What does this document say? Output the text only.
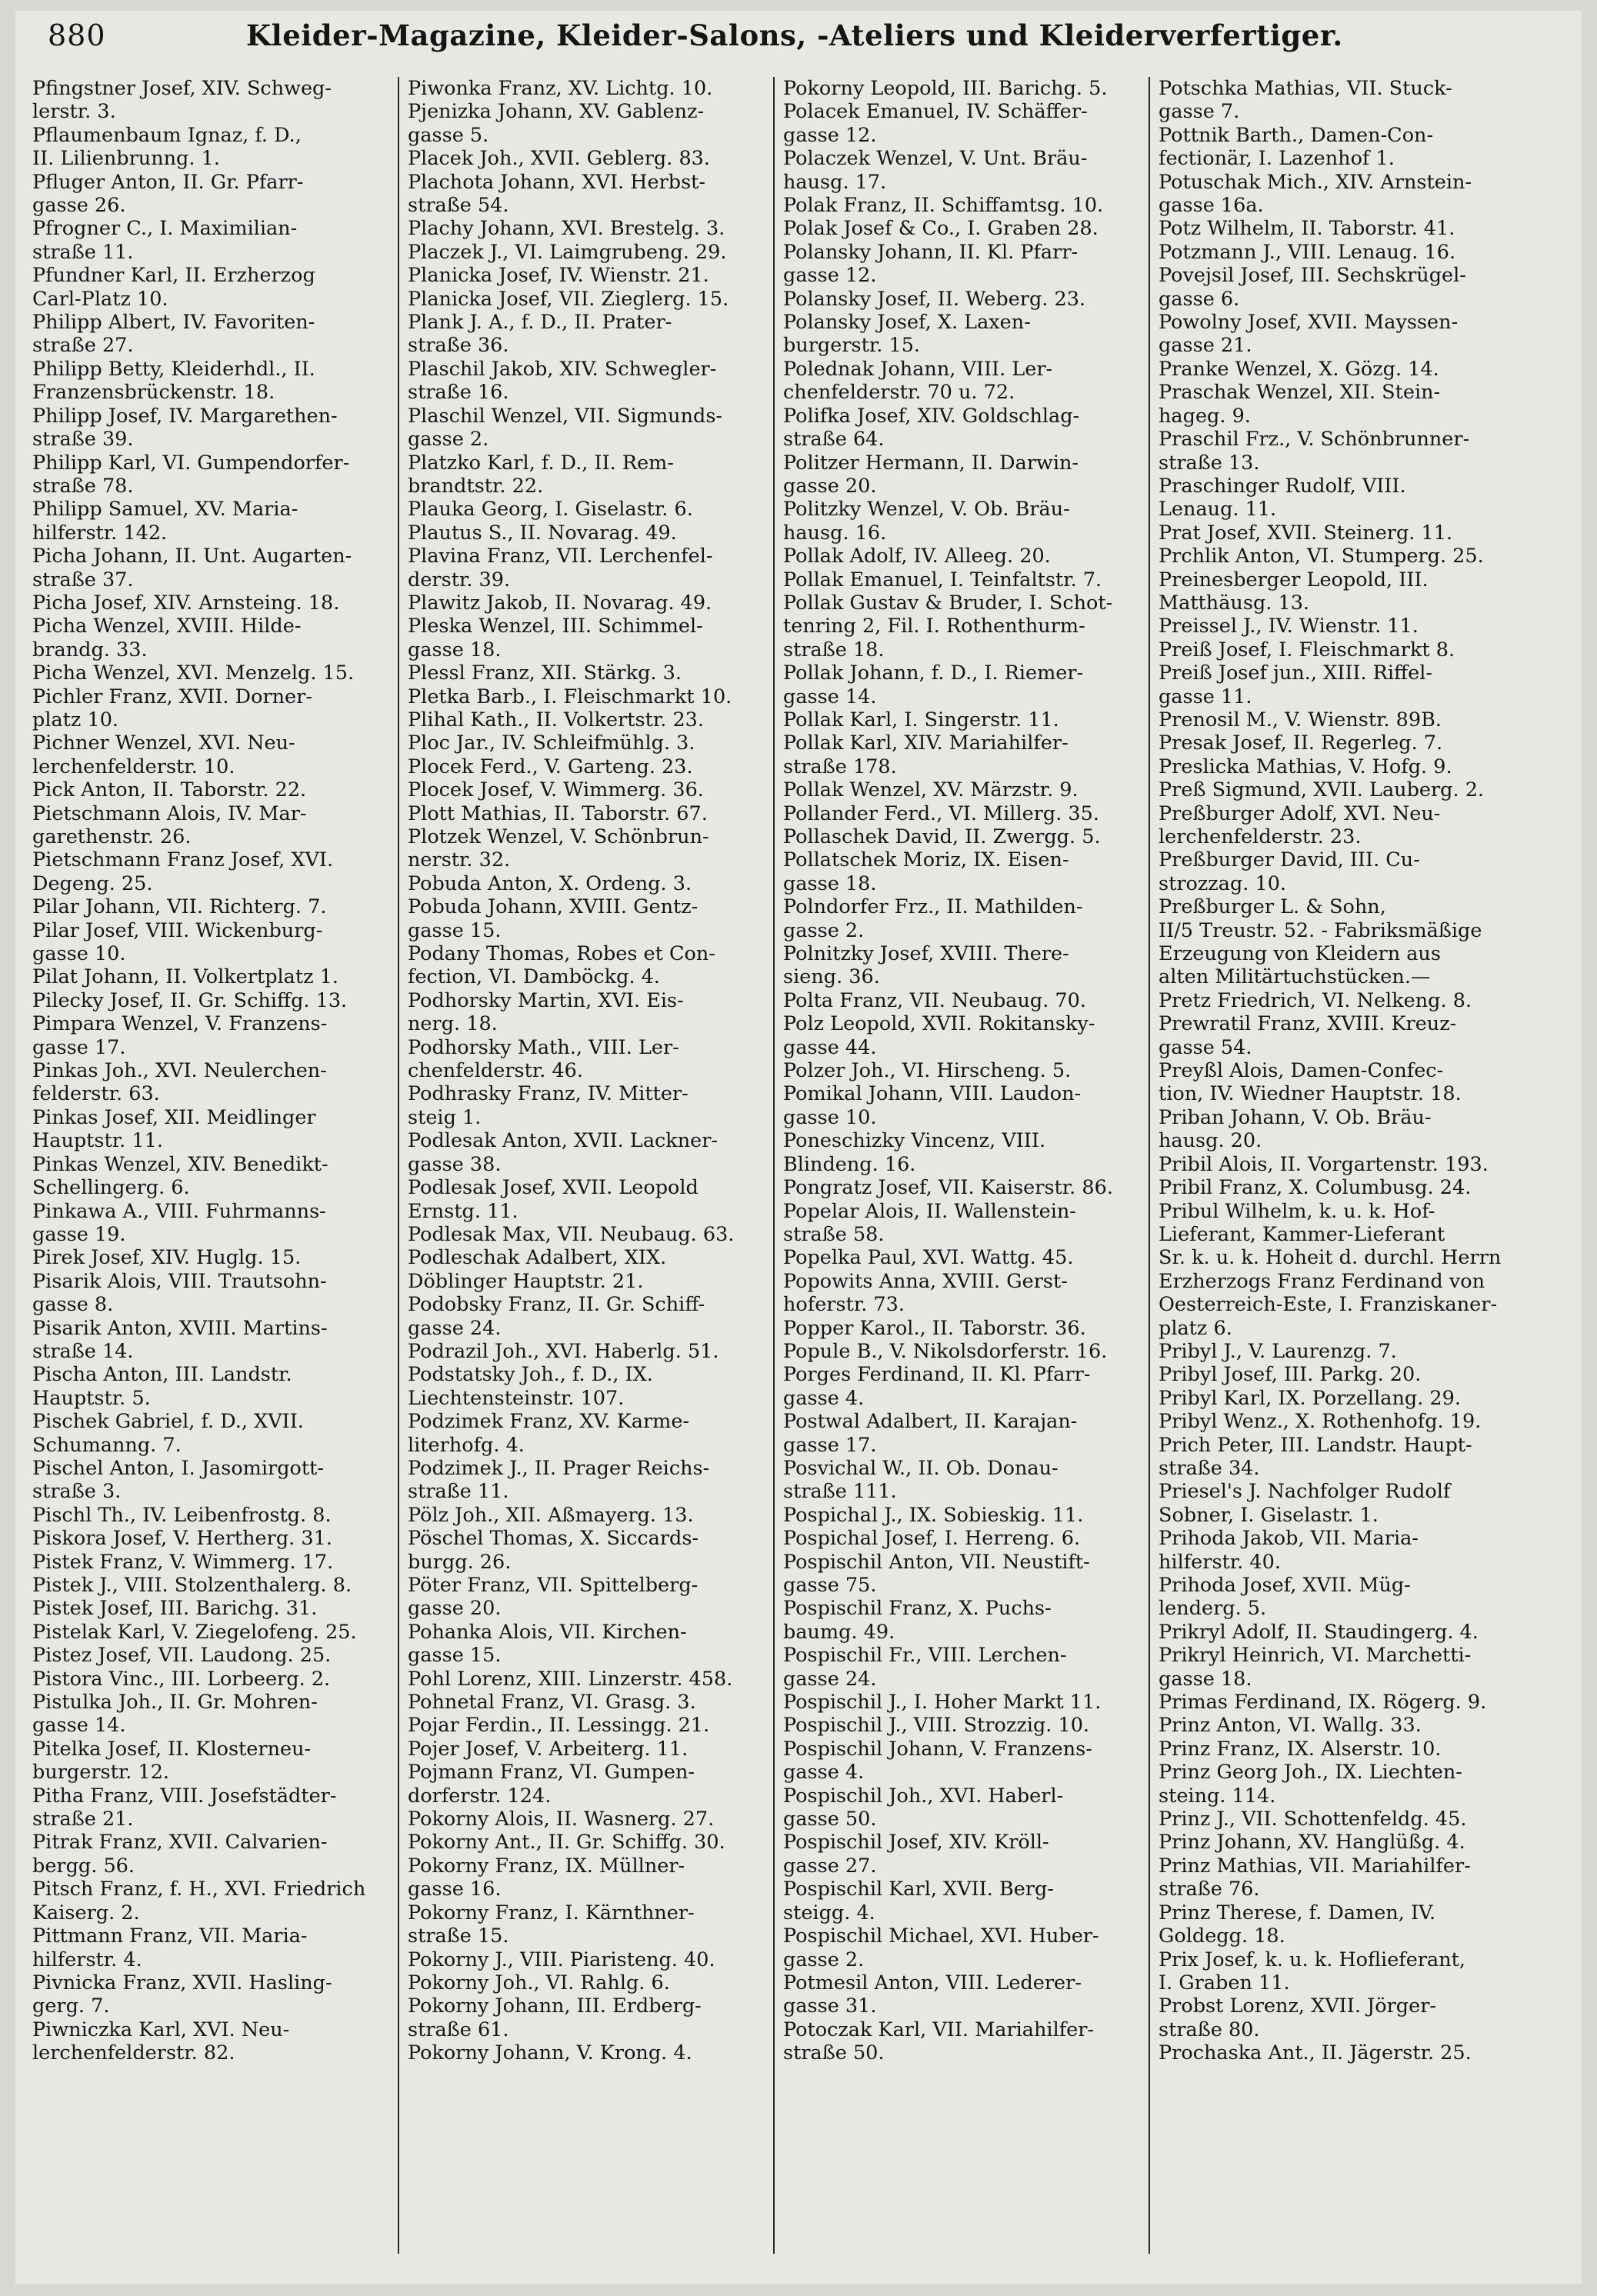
880	Kleider-Magazine, Kleider-Salons, -Ateliers und Kleiderverfertiger.
Pfingstner Josef, XIV. Schweg-
lerstr. 3.
Pflaumenbaum Ignaz, f. D.,
II. Lilienbrunng. 1.
Pfluger Anton, II. Gr. Pfarr-
gasse 26.
Pfrogner C., I. Maximilian-
straße 11.
Pfundner Karl, II. Erzherzog
Carl-Platz 10.
Philipp Albert, IV. Favoriten-
straße 27.
Philipp Betty, Kleiderhdl., II.
Franzensbrückenstr. 18.
Philipp Josef, IV. Margarethen-
straße 39.
Philipp Karl, VI. Gumpendorfer-
straße 78.
Philipp Samuel, XV. Maria-
hilferstr. 142.
Picha Johann, II. Unt. Augarten-
straße 37.
Picha Josef, XIV. Arnsteing. 18.
Picha Wenzel, XVIII. Hilde-
brandg. 33.
Picha Wenzel, XVI. Menzelg. 15.
Pichler Franz, XVII. Dorner-
platz 10.
Pichner Wenzel, XVI. Neu-
lerchenfelderstr. 10.
Pick Anton, II. Taborstr. 22.
Pietschmann Alois, IV. Mar-
garethenstr. 26.
Pietschmann Franz Josef, XVI.
Degeng. 25.
Pilar Johann, VII. Richterg. 7.
Pilar Josef, VIII. Wickenburg-
gasse 10.
Pilat Johann, II. Volkertplatz 1.
Pilecky Josef, II. Gr. Schiffg. 13.
Pimpara Wenzel, V. Franzens-
gasse 17.
Pinkas Joh., XVI. Neulerchen-
felderstr. 63.
Pinkas Josef, XII. Meidlinger
Hauptstr. 11.
Pinkas Wenzel, XIV. Benedikt-
Schellingerg. 6.
Pinkawa A., VIII. Fuhrmanns-
gasse 19.
Pirek Josef, XIV. Huglg. 15.
Pisarik Alois, VIII. Trautsohn-
gasse 8.
Pisarik Anton, XVIII. Martins-
straße 14.
Pischa Anton, III. Landstr.
Hauptstr. 5.
Pischek Gabriel, f. D., XVII.
Schumanng. 7.
Pischel Anton, I. Jasomirgott-
straße 3.
Pischl Th., IV. Leibenfrostg. 8.
Piskora Josef, V. Hertherg. 31.
Pistek Franz, V. Wimmerg. 17.
Pistek J., VIII. Stolzenthalerg. 8.
Pistek Josef, III. Barichg. 31.
Pistelak Karl, V. Ziegelofeng. 25.
Pistez Josef, VII. Laudong. 25.
Pistora Vinc., III. Lorbeerg. 2.
Pistulka Joh., II. Gr. Mohren-
gasse 14.
Pitelka Josef, II. Klosterneu-
burgerstr. 12.
Pitha Franz, VIII. Josefstädter-
straße 21.
Pitrak Franz, XVII. Calvarien-
bergg. 56.
Pitsch Franz, f. H., XVI. Friedrich
Kaiserg. 2.
Pittmann Franz, VII. Maria-
hilferstr. 4.
Pivnicka Franz, XVII. Hasling-
gerg. 7.
Piwniczka Karl, XVI. Neu-
lerchenfelderstr. 82.
Piwonka Franz, XV. Lichtg. 10.
Pjenizka Johann, XV. Gablenz-
gasse 5.
Placek Joh., XVII. Geblerg. 83.
Plachota Johann, XVI. Herbst-
straße 54.
Plachy Johann, XVI. Brestelg. 3.
Placzek J., VI. Laimgrubeng. 29.
Planicka Josef, IV. Wienstr. 21.
Planicka Josef, VII. Zieglerg. 15.
Plank J. A., f. D., II. Prater-
straße 36.
Plaschil Jakob, XIV. Schwegler-
straße 16.
Plaschil Wenzel, VII. Sigmunds-
gasse 2.
Platzko Karl, f. D., II. Rem-
brandtstr. 22.
Plauka Georg, I. Giselastr. 6.
Plautus S., II. Novarag. 49.
Plavina Franz, VII. Lerchenfel-
derstr. 39.
Plawitz Jakob, II. Novarag. 49.
Pleska Wenzel, III. Schimmel-
gasse 18.
Plessl Franz, XII. Stärkg. 3.
Pletka Barb., I. Fleischmarkt 10.
Plihal Kath., II. Volkertstr. 23.
Ploc Jar., IV. Schleifmühlg. 3.
Plocek Ferd., V. Garteng. 23.
Plocek Josef, V. Wimmerg. 36.
Plott Mathias, II. Taborstr. 67.
Plotzek Wenzel, V. Schönbrun-
nerstr. 32.
Pobuda Anton, X. Ordeng. 3.
Pobuda Johann, XVIII. Gentz-
gasse 15.
Podany Thomas, Robes et Con-
fection, VI. Damböckg. 4.
Podhorsky Martin, XVI. Eis-
nerg. 18.
Podhorsky Math., VIII. Ler-
chenfelderstr. 46.
Podhrasky Franz, IV. Mitter-
steig 1.
Podlesak Anton, XVII. Lackner-
gasse 38.
Podlesak Josef, XVII. Leopold
Ernstg. 11.
Podlesak Max, VII. Neubaug. 63.
Podleschak Adalbert, XIX.
Döblinger Hauptstr. 21.
Podobsky Franz, II. Gr. Schiff-
gasse 24.
Podrazil Joh., XVI. Haberlg. 51.
Podstatsky Joh., f. D., IX.
Liechtensteinstr. 107.
Podzimek Franz, XV. Karme-
literhofg. 4.
Podzimek J., II. Prager Reichs-
straße 11.
Pölz Joh., XII. Aßmayerg. 13.
Pöschel Thomas, X. Siccards-
burgg. 26.
Pöter Franz, VII. Spittelberg-
gasse 20.
Pohanka Alois, VII. Kirchen-
gasse 15.
Pohl Lorenz, XIII. Linzerstr. 458.
Pohnetal Franz, VI. Grasg. 3.
Pojar Ferdin., II. Lessingg. 21.
Pojer Josef, V. Arbeiterg. 11.
Pojmann Franz, VI. Gumpen-
dorferstr. 124.
Pokorny Alois, II. Wasnerg. 27.
Pokorny Ant., II. Gr. Schiffg. 30.
Pokorny Franz, IX. Müllner-
gasse 16.
Pokorny Franz, I. Kärnthner-
straße 15.
Pokorny J., VIII. Piaristeng. 40.
Pokorny Joh., VI. Rahlg. 6.
Pokorny Johann, III. Erdberg-
straße 61.
Pokorny Johann, V. Krong. 4.
Pokorny Leopold, III. Barichg. 5.
Polacek Emanuel, IV. Schäffer-
gasse 12.
Polaczek Wenzel, V. Unt. Bräu-
hausg. 17.
Polak Franz, II. Schiffamtsg. 10.
Polak Josef & Co., I. Graben 28.
Polansky Johann, II. Kl. Pfarr-
gasse 12.
Polansky Josef, II. Weberg. 23.
Polansky Josef, X. Laxen-
burgerstr. 15.
Polednak Johann, VIII. Ler-
chenfelderstr. 70 u. 72.
Polifka Josef, XIV. Goldschlag-
straße 64.
Politzer Hermann, II. Darwin-
gasse 20.
Politzky Wenzel, V. Ob. Bräu-
hausg. 16.
Pollak Adolf, IV. Alleeg. 20.
Pollak Emanuel, I. Teinfaltstr. 7.
Pollak Gustav & Bruder, I. Schot-
tenring 2, Fil. I. Rothenthurm-
straße 18.
Pollak Johann, f. D., I. Riemer-
gasse 14.
Pollak Karl, I. Singerstr. 11.
Pollak Karl, XIV. Mariahilfer-
straße 178.
Pollak Wenzel, XV. Märzstr. 9.
Pollander Ferd., VI. Millerg. 35.
Pollaschek David, II. Zwergg. 5.
Pollatschek Moriz, IX. Eisen-
gasse 18.
Polndorfer Frz., II. Mathilden-
gasse 2.
Polnitzky Josef, XVIII. There-
sieng. 36.
Polta Franz, VII. Neubaug. 70.
Polz Leopold, XVII. Rokitansky-
gasse 44.
Polzer Joh., VI. Hirscheng. 5.
Pomikal Johann, VIII. Laudon-
gasse 10.
Poneschizky Vincenz, VIII.
Blindeng. 16.
Pongratz Josef, VII. Kaiserstr. 86.
Popelar Alois, II. Wallenstein-
straße 58.
Popelka Paul, XVI. Wattg. 45.
Popowits Anna, XVIII. Gerst-
hoferstr. 73.
Popper Karol., II. Taborstr. 36.
Popule B., V. Nikolsdorferstr. 16.
Porges Ferdinand, II. Kl. Pfarr-
gasse 4.
Postwal Adalbert, II. Karajan-
gasse 17.
Posvichal W., II. Ob. Donau-
straße 111.
Pospichal J., IX. Sobieskig. 11.
Pospichal Josef, I. Herreng. 6.
Pospischil Anton, VII. Neustift-
gasse 75.
Pospischil Franz, X. Puchs-
baumg. 49.
Pospischil Fr., VIII. Lerchen-
gasse 24.
Pospischil J., I. Hoher Markt 11.
Pospischil J., VIII. Strozzig. 10.
Pospischil Johann, V. Franzens-
gasse 4.
Pospischil Joh., XVI. Haberl-
gasse 50.
Pospischil Josef, XIV. Kröll-
gasse 27.
Pospischil Karl, XVII. Berg-
steigg. 4.
Pospischil Michael, XVI. Huber-
gasse 2.
Potmesil Anton, VIII. Lederer-
gasse 31.
Potoczak Karl, VII. Mariahilfer-
straße 50.
Potschka Mathias, VII. Stuck-
gasse 7.
Pottnik Barth., Damen-Con-
fectionär, I. Lazenhof 1.
Potuschak Mich., XIV. Arnstein-
gasse 16a.
Potz Wilhelm, II. Taborstr. 41.
Potzmann J., VIII. Lenaug. 16.
Povejsil Josef, III. Sechskrügel-
gasse 6.
Powolny Josef, XVII. Mayssen-
gasse 21.
Pranke Wenzel, X. Gözg. 14.
Praschak Wenzel, XII. Stein-
hageg. 9.
Praschil Frz., V. Schönbrunner-
straße 13.
Praschinger Rudolf, VIII.
Lenaug. 11.
Prat Josef, XVII. Steinerg. 11.
Prchlik Anton, VI. Stumperg. 25.
Preinesberger Leopold, III.
Matthäusg. 13.
Preissel J., IV. Wienstr. 11.
Preiß Josef, I. Fleischmarkt 8.
Preiß Josef jun., XIII. Riffel-
gasse 11.
Prenosil M., V. Wienstr. 89B.
Presak Josef, II. Regerleg. 7.
Preslicka Mathias, V. Hofg. 9.
Preß Sigmund, XVII. Lauberg. 2.
Preßburger Adolf, XVI. Neu-
lerchenfelderstr. 23.
Preßburger David, III. Cu-
strozzag. 10.
Preßburger L. & Sohn,
II/5 Treustr. 52. - Fabriksmäßige
Erzeugung von Kleidern aus
alten Militärtuchstücken.—
Pretz Friedrich, VI. Nelkeng. 8.
Prewratil Franz, XVIII. Kreuz-
gasse 54.
Preyßl Alois, Damen-Confec-
tion, IV. Wiedner Hauptstr. 18.
Priban Johann, V. Ob. Bräu-
hausg. 20.
Pribil Alois, II. Vorgartenstr. 193.
Pribil Franz, X. Columbusg. 24.
Pribul Wilhelm, k. u. k. Hof-
Lieferant, Kammer-Lieferant
Sr. k. u. k. Hoheit d. durchl. Herrn
Erzherzogs Franz Ferdinand von
Oesterreich-Este, I. Franziskaner-
platz 6.
Pribyl J., V. Laurenzg. 7.
Pribyl Josef, III. Parkg. 20.
Pribyl Karl, IX. Porzellang. 29.
Pribyl Wenz., X. Rothenhofg. 19.
Prich Peter, III. Landstr. Haupt-
straße 34.
Priesel's J. Nachfolger Rudolf
Sobner, I. Giselastr. 1.
Prihoda Jakob, VII. Maria-
hilferstr. 40.
Prihoda Josef, XVII. Müg-
lenderg. 5.
Prikryl Adolf, II. Staudingerg. 4.
Prikryl Heinrich, VI. Marchetti-
gasse 18.
Primas Ferdinand, IX. Rögerg. 9.
Prinz Anton, VI. Wallg. 33.
Prinz Franz, IX. Alserstr. 10.
Prinz Georg Joh., IX. Liechten-
steing. 114.
Prinz J., VII. Schottenfeldg. 45.
Prinz Johann, XV. Hanglüßg. 4.
Prinz Mathias, VII. Mariahilfer-
straße 76.
Prinz Therese, f. Damen, IV.
Goldegg. 18.
Prix Josef, k. u. k. Hoflieferant,
I. Graben 11.
Probst Lorenz, XVII. Jörger-
straße 80.
Prochaska Ant., II. Jägerstr. 25.
